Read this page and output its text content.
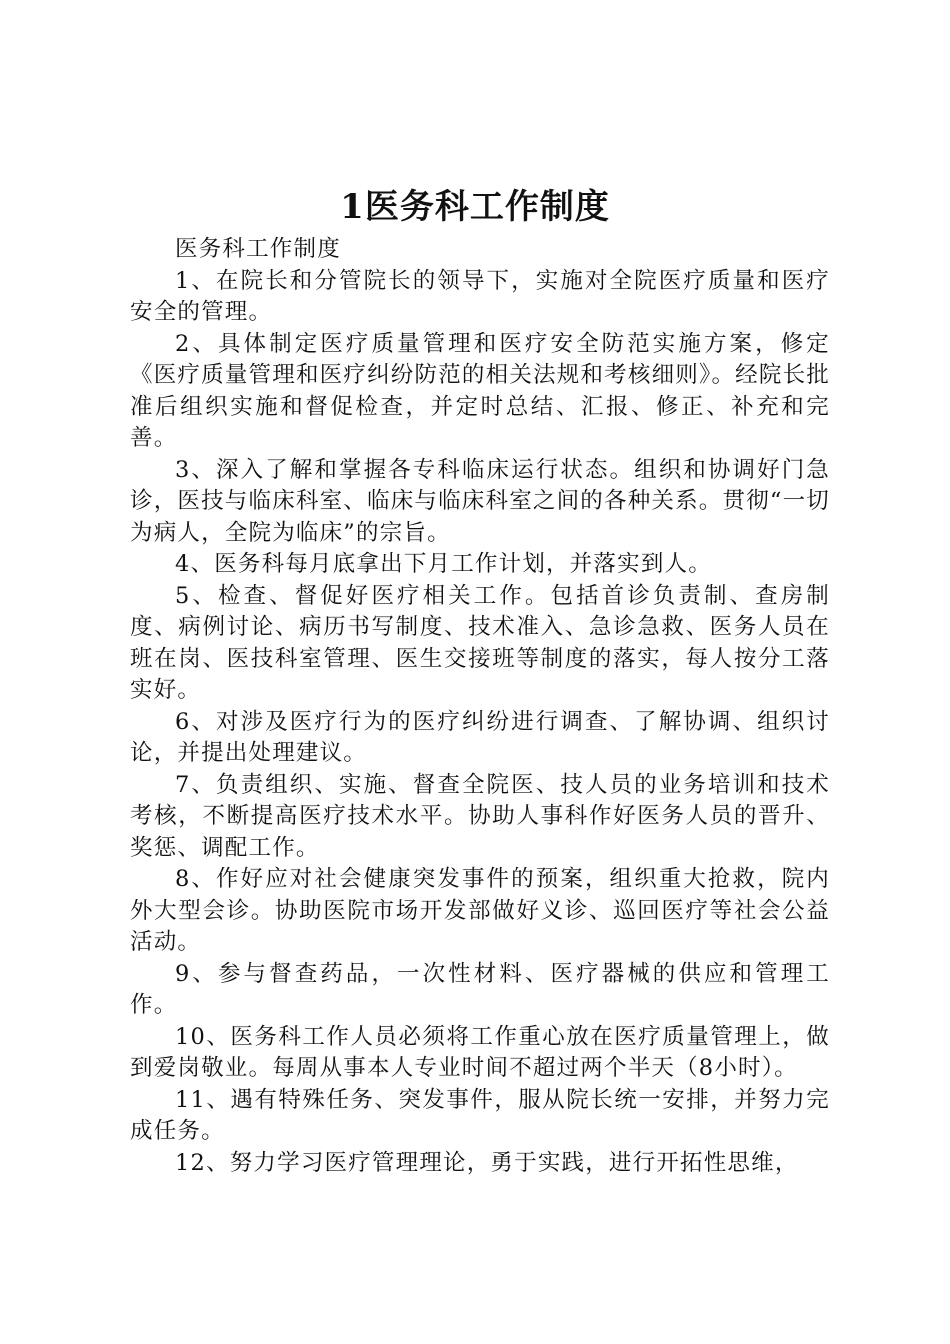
1医务科工作制度

医务科工作制度

1、在院长和分管院长的领导下，实施对全院医疗质量和医疗安全的管理。

2、具体制定医疗质量管理和医疗安全防范实施方案，修定《医疗质量管理和医疗纠纷防范的相关法规和考核细则》。经院长批准后组织实施和督促检查，并定时总结、汇报、修正、补充和完善。

3、深入了解和掌握各专科临床运行状态。组织和协调好门急诊，医技与临床科室、临床与临床科室之间的各种关系。贯彻“一切为病人，全院为临床”的宗旨。

4、医务科每月底拿出下月工作计划，并落实到人。

5、检查、督促好医疗相关工作。包括首诊负责制、查房制度、病例讨论、病历书写制度、技术准入、急诊急救、医务人员在班在岗、医技科室管理、医生交接班等制度的落实，每人按分工落实好。

6、对涉及医疗行为的医疗纠纷进行调查、了解协调、组织讨论，并提出处理建议。

7、负责组织、实施、督查全院医、技人员的业务培训和技术考核，不断提高医疗技术水平。协助人事科作好医务人员的晋升、奖惩、调配工作。

8、作好应对社会健康突发事件的预案，组织重大抢救，院内外大型会诊。协助医院市场开发部做好义诊、巡回医疗等社会公益活动。

9、参与督查药品，一次性材料、医疗器械的供应和管理工作。

10、医务科工作人员必须将工作重心放在医疗质量管理上，做到爱岗敬业。每周从事本人专业时间不超过两个半天（8小时）。

11、遇有特殊任务、突发事件，服从院长统一安排，并努力完成任务。

12、努力学习医疗管理理论，勇于实践，进行开拓性思维，
